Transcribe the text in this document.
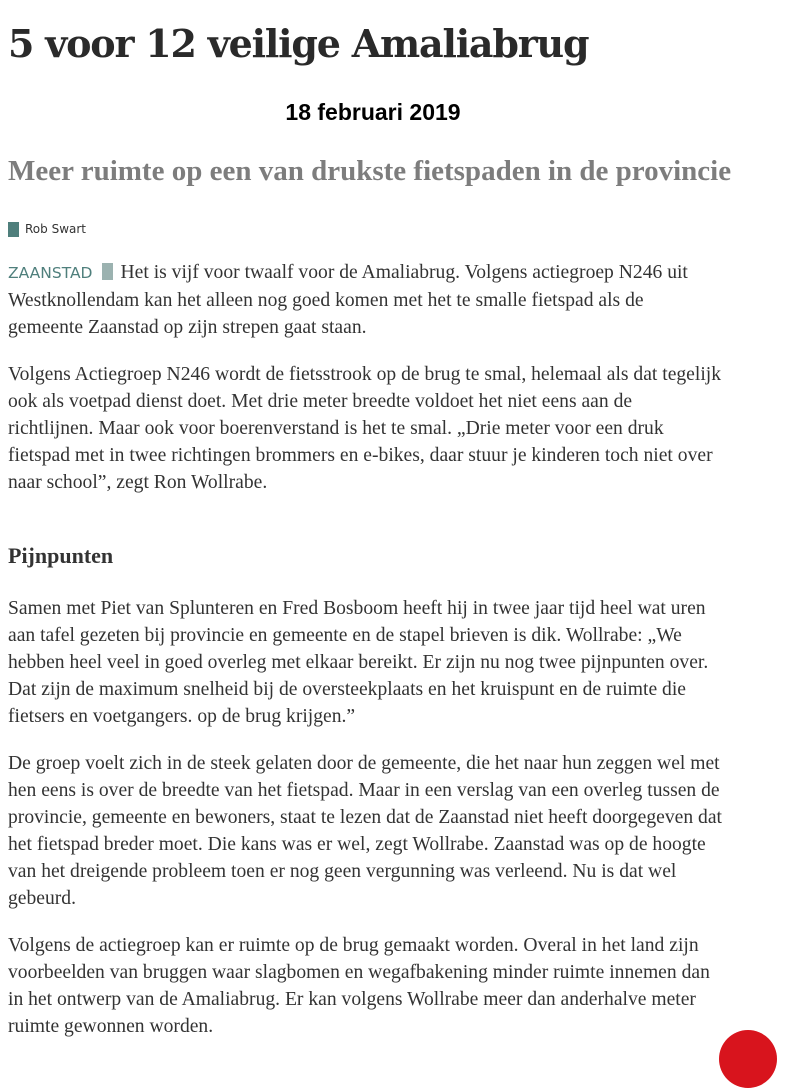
5 voor 12 veilige Amaliabrug
18 februari 2019
Meer ruimte op een van drukste fietspaden in de provincie
Rob Swart

ZAANSTAD Het is vijf voor twaalf voor de Amaliabrug. Volgens actiegroep N246 uit
Westknollendam kan het alleen nog goed komen met het te smalle fietspad als de
gemeente Zaanstad op zijn strepen gaat staan.

Volgens Actiegroep N246 wordt de fietsstrook op de brug te smal, helemaal als dat tegelijk
ook als voetpad dienst doet. Met drie meter breedte voldoet het niet eens aan de
richtlijnen. Maar ook voor boerenverstand is het te smal. „Drie meter voor een druk
fietspad met in twee richtingen brommers en e-bikes, daar stuur je kinderen toch niet over
naar school”, zegt Ron Wollrabe.

Pijnpunten

Samen met Piet van Splunteren en Fred Bosboom heeft hij in twee jaar tijd heel wat uren
aan tafel gezeten bij provincie en gemeente en de stapel brieven is dik. Wollrabe: „We
hebben heel veel in goed overleg met elkaar bereikt. Er zijn nu nog twee pijnpunten over.
Dat zijn de maximum snelheid bij de oversteekplaats en het kruispunt en de ruimte die
fietsers en voetgangers. op de brug krijgen.”

De groep voelt zich in de steek gelaten door de gemeente, die het naar hun zeggen wel met
hen eens is over de breedte van het fietspad. Maar in een verslag van een overleg tussen de
provincie, gemeente en bewoners, staat te lezen dat de Zaanstad niet heeft doorgegeven dat
het fietspad breder moet. Die kans was er wel, zegt Wollrabe. Zaanstad was op de hoogte
van het dreigende probleem toen er nog geen vergunning was verleend. Nu is dat wel
gebeurd.

Volgens de actiegroep kan er ruimte op de brug gemaakt worden. Overal in het land zijn
voorbeelden van bruggen waar slagbomen en wegafbakening minder ruimte innemen dan
in het ontwerp van de Amaliabrug. Er kan volgens Wollrabe meer dan anderhalve meter
ruimte gewonnen worden.
